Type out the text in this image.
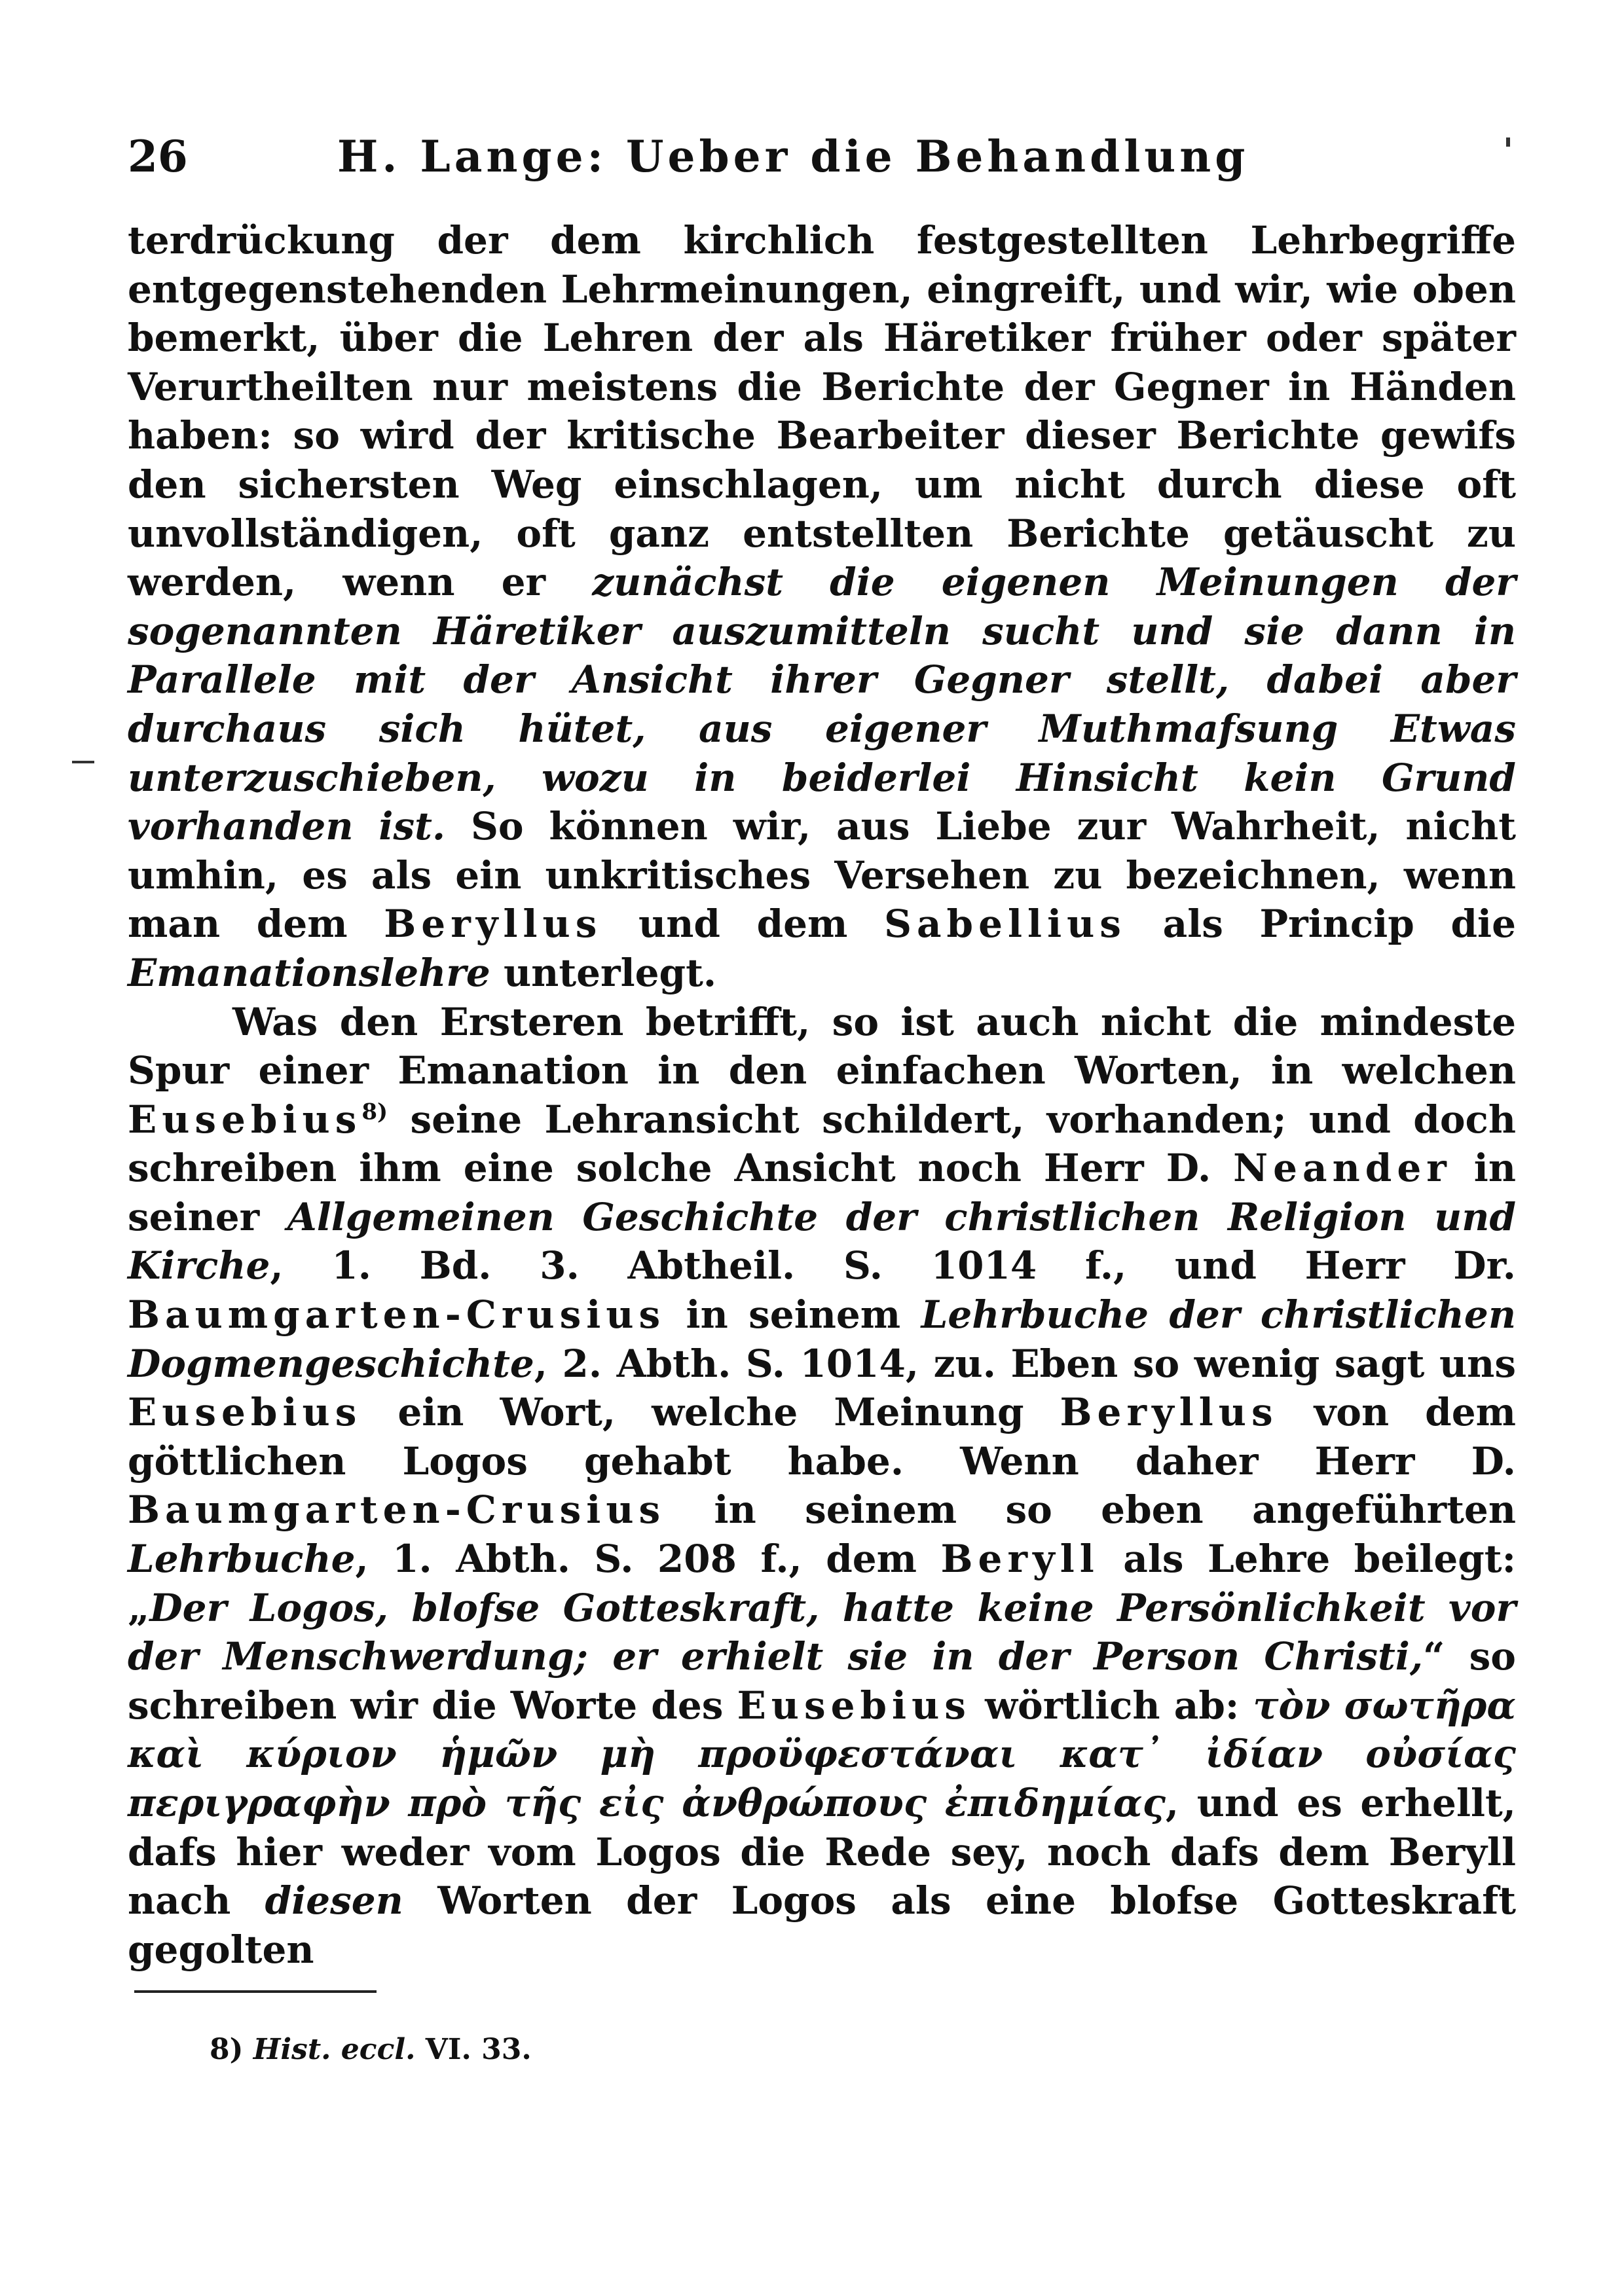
26	H. Lange: Ueber die Behandlung

terdrückung der dem kirchlich festgestellten Lehrbegriffe entgegenstehenden Lehrmeinungen, eingreift, und wir, wie oben bemerkt, über die Lehren der als Häretiker früher oder später Verurtheilten nur meistens die Berichte der Gegner in Händen haben: so wird der kritische Bearbeiter dieser Berichte gewifs den sichersten Weg einschlagen, um nicht durch diese oft unvollständigen, oft ganz entstellten Berichte getäuscht zu werden, wenn er zunächst die eigenen Meinungen der sogenannten Häretiker auszumitteln sucht und sie dann in Parallele mit der Ansicht ihrer Gegner stellt, dabei aber durchaus sich hütet, aus eigener Muthmafsung Etwas unterzuschieben, wozu in beiderlei Hinsicht kein Grund vorhanden ist. So können wir, aus Liebe zur Wahrheit, nicht umhin, es als ein unkritisches Versehen zu bezeichnen, wenn man dem Beryllus und dem Sabellius als Princip die Emanationslehre unterlegt.

Was den Ersteren betrifft, so ist auch nicht die mindeste Spur einer Emanation in den einfachen Worten, in welchen Eusebius$^{8)}$ seine Lehransicht schildert, vorhanden; und doch schreiben ihm eine solche Ansicht noch Herr D. Neander in seiner Allgemeinen Geschichte der christlichen Religion und Kirche, 1. Bd. 3. Abtheil. S. 1014 f., und Herr Dr. Baumgarten-Crusius in seinem Lehrbuche der christlichen Dogmengeschichte, 2. Abth. S. 1014, zu. Eben so wenig sagt uns Eusebius ein Wort, welche Meinung Beryllus von dem göttlichen Logos gehabt habe. Wenn daher Herr D. Baumgarten-Crusius in seinem so eben angeführten Lehrbuche, 1. Abth. S. 208 f., dem Beryll als Lehre beilegt: „Der Logos, blofse Gotteskraft, hatte keine Persönlichkeit vor der Menschwerdung; er erhielt sie in der Person Christi,“ so schreiben wir die Worte des Eusebius wörtlich ab: τὸν σωτῆρα καὶ κύριον ἡμῶν μὴ προϋφεστάναι κατ᾽ ἰδίαν οὐσίας περιγραφὴν πρὸ τῆς εἰς ἀνθρώπους ἐπιδημίας, und es erhellt, dafs hier weder vom Logos die Rede sey, noch dafs dem Beryll nach diesen Worten der Logos als eine blofse Gotteskraft gegolten

8) Hist. eccl. VI. 33.
